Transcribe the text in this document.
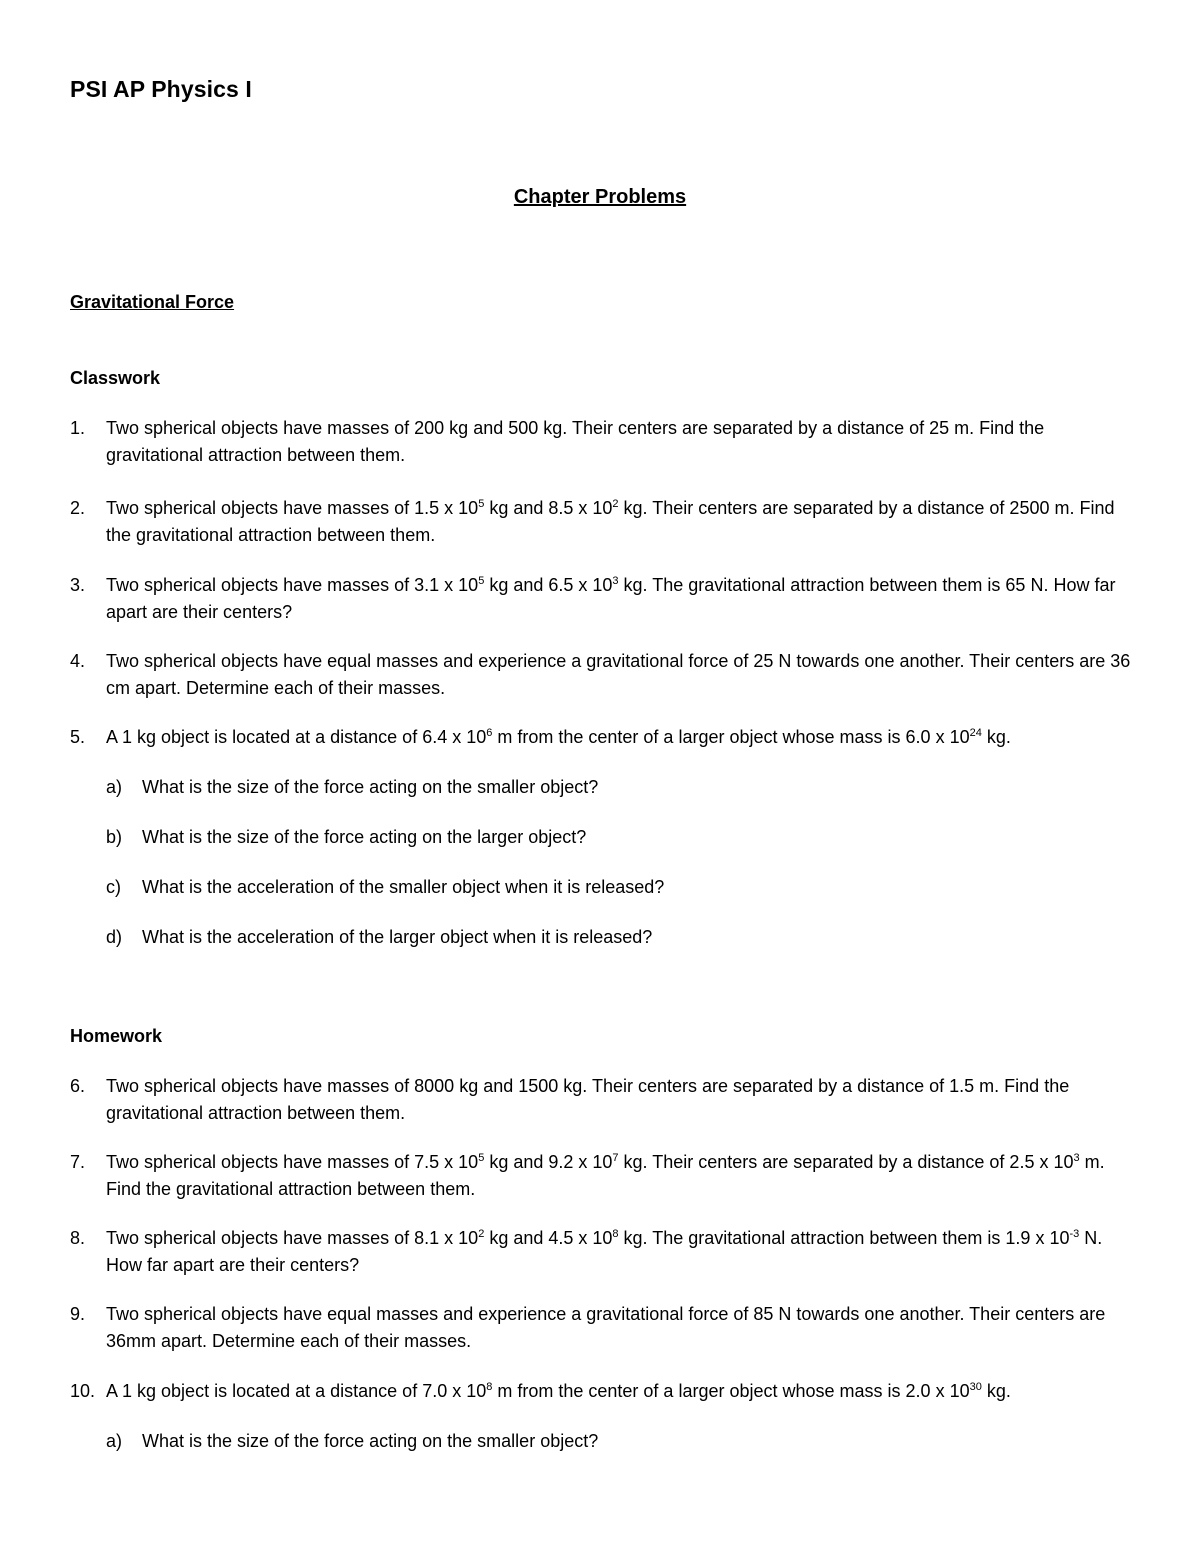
PSI AP Physics I
Chapter Problems
Gravitational Force
Classwork
1. Two spherical objects have masses of 200 kg and 500 kg. Their centers are separated by a distance of 25 m. Find the gravitational attraction between them.
2. Two spherical objects have masses of 1.5 x $10^5$ kg and 8.5 x $10^2$ kg. Their centers are separated by a distance of 2500 m. Find the gravitational attraction between them.
3. Two spherical objects have masses of 3.1 x $10^5$ kg and 6.5 x $10^3$ kg. The gravitational attraction between them is 65 N. How far apart are their centers?
4. Two spherical objects have equal masses and experience a gravitational force of 25 N towards one another. Their centers are 36 cm apart. Determine each of their masses.
5. A 1 kg object is located at a distance of 6.4 x $10^6$ m from the center of a larger object whose mass is 6.0 x $10^{24}$ kg.
a) What is the size of the force acting on the smaller object?
b) What is the size of the force acting on the larger object?
c) What is the acceleration of the smaller object when it is released?
d) What is the acceleration of the larger object when it is released?
Homework
6. Two spherical objects have masses of 8000 kg and 1500 kg. Their centers are separated by a distance of 1.5 m. Find the gravitational attraction between them.
7. Two spherical objects have masses of 7.5 x $10^5$ kg and 9.2 x $10^7$ kg. Their centers are separated by a distance of 2.5 x $10^3$ m. Find the gravitational attraction between them.
8. Two spherical objects have masses of 8.1 x $10^2$ kg and 4.5 x $10^8$ kg. The gravitational attraction between them is 1.9 x $10^{-3}$ N. How far apart are their centers?
9. Two spherical objects have equal masses and experience a gravitational force of 85 N towards one another. Their centers are 36mm apart. Determine each of their masses.
10. A 1 kg object is located at a distance of 7.0 x $10^8$ m from the center of a larger object whose mass is 2.0 x $10^{30}$ kg.
a) What is the size of the force acting on the smaller object?
